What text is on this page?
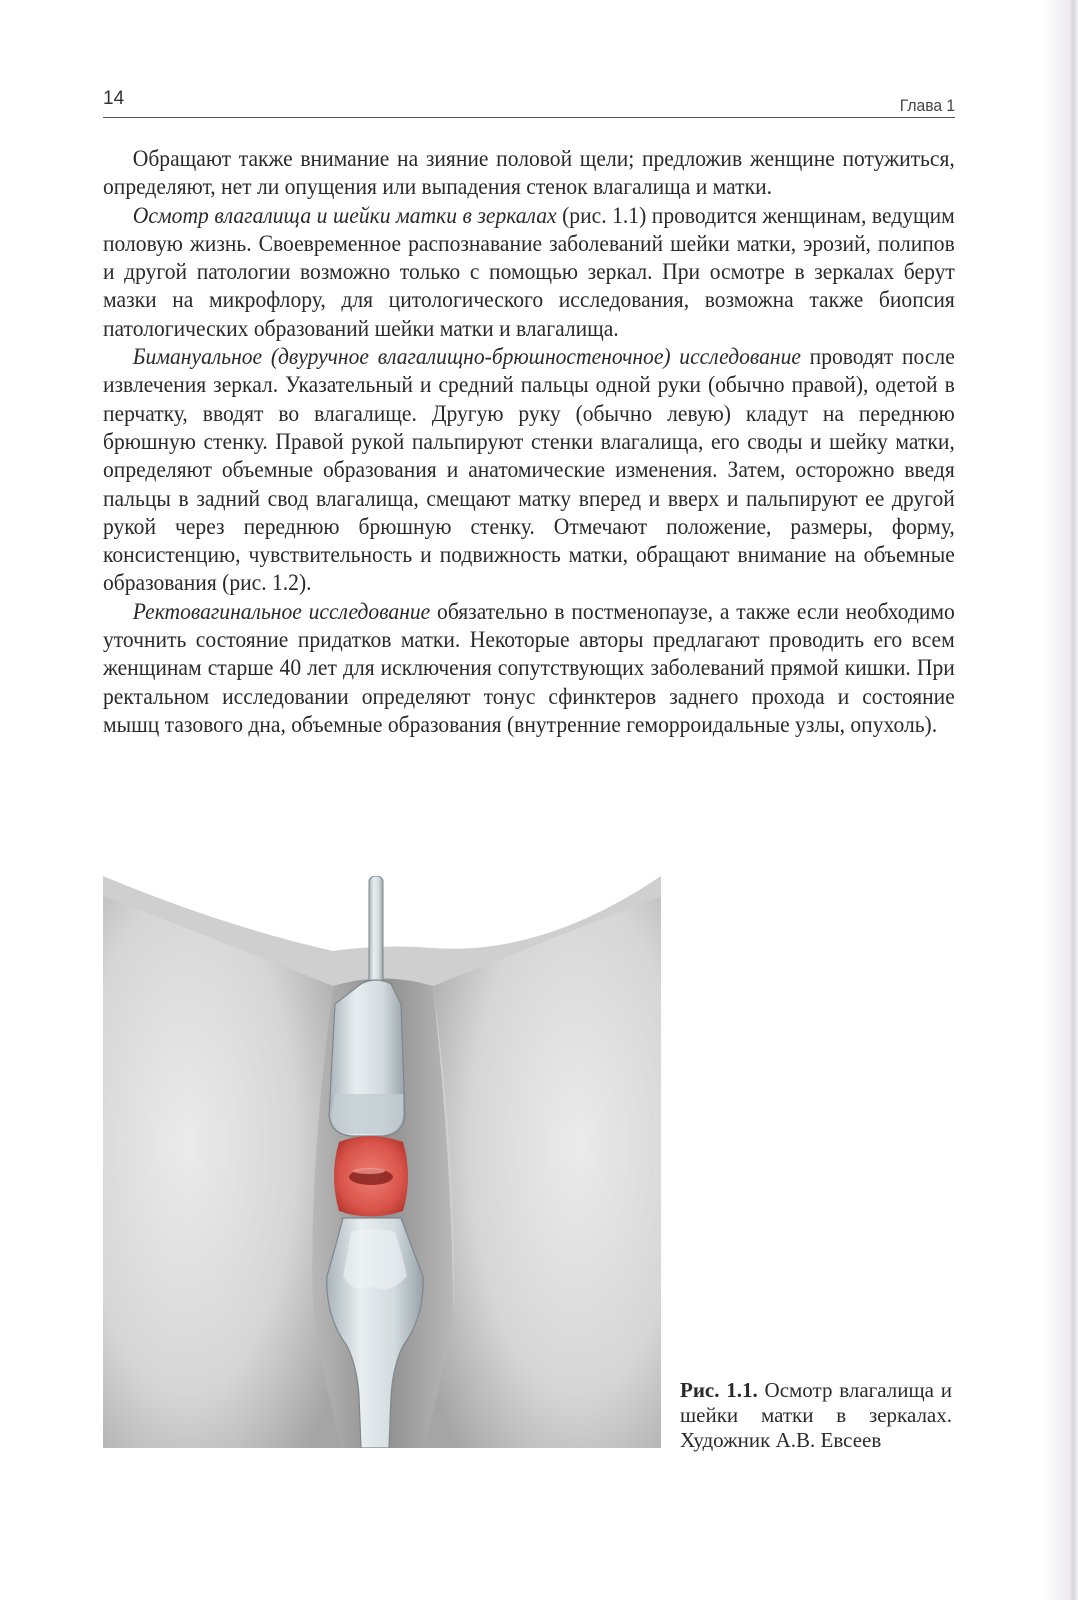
14	Глава 1

Обращают также внимание на зияние половой щели; предложив женщине потужиться, определяют, нет ли опущения или выпадения стенок влагалища и матки.

Осмотр влагалища и шейки матки в зеркалах (рис. 1.1) проводится женщинам, ведущим половую жизнь. Своевременное распознавание заболеваний шейки матки, эрозий, полипов и другой патологии возможно только с помощью зеркал. При осмотре в зеркалах берут мазки на микрофлору, для цитологического исследования, возможна также биопсия патологических образований шейки матки и влагалища.

Бимануальное (двуручное влагалищно-брюшностеночное) исследование проводят после извлечения зеркал. Указательный и средний пальцы одной руки (обычно правой), одетой в перчатку, вводят во влагалище. Другую руку (обычно левую) кладут на переднюю брюшную стенку. Правой рукой пальпируют стенки влагалища, его своды и шейку матки, определяют объемные образования и анатомические изменения. Затем, осторожно введя пальцы в задний свод влагалища, смещают матку вперед и вверх и пальпируют ее другой рукой через переднюю брюшную стенку. Отмечают положение, размеры, форму, консистенцию, чувствительность и подвижность матки, обращают внимание на объемные образования (рис. 1.2).

Ректовагинальное исследование обязательно в постменопаузе, а также если необходимо уточнить состояние придатков матки. Некоторые авторы предлагают проводить его всем женщинам старше 40 лет для исключения сопутствующих заболеваний прямой кишки. При ректальном исследовании определяют тонус сфинктеров заднего прохода и состояние мышц тазового дна, объемные образования (внутренние геморроидальные узлы, опухоль).

Рис. 1.1. Осмотр влагалища и шейки матки в зеркалах. Художник А.В. Евсеев
